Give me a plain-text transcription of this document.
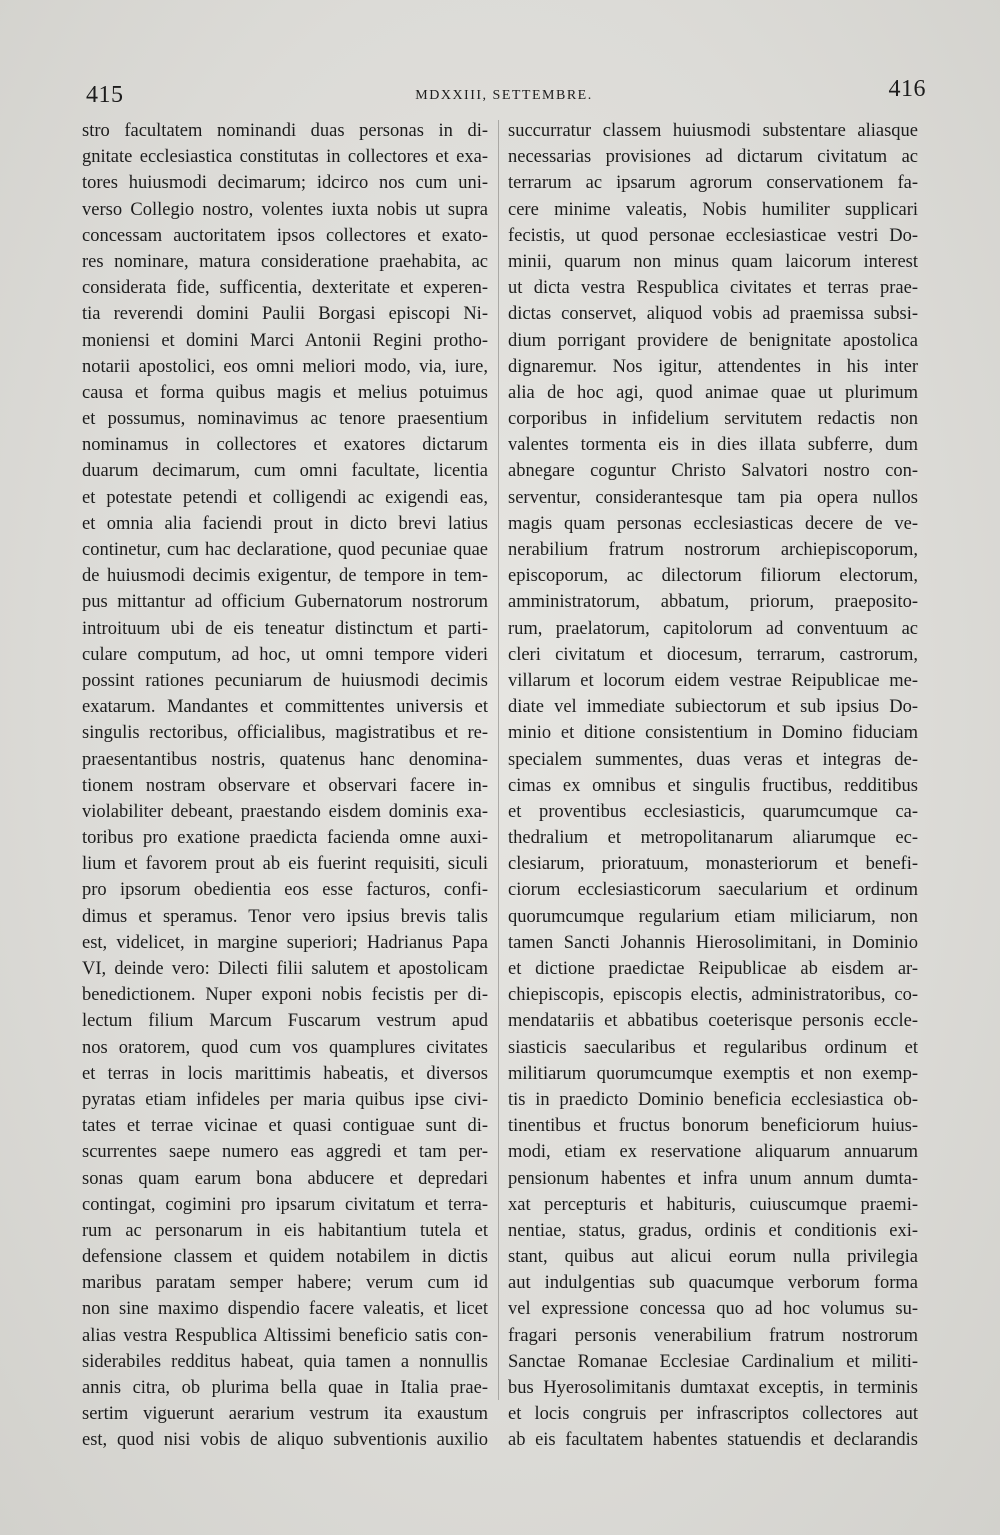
415	MDXXIII, SETTEMBRE.	416
stro facultatem nominandi duas personas in di-
gnitate ecclesiastica constitutas in collectores et exa-
tores huiusmodi decimarum; idcirco nos cum uni-
verso Collegio nostro, volentes iuxta nobis ut supra
concessam auctoritatem ipsos collectores et exato-
res nominare, matura consideratione praehabita, ac
considerata fide, sufficentia, dexteritate et experen-
tia reverendi domini Paulii Borgasi episcopi Ni-
moniensi et domini Marci Antonii Regini protho-
notarii apostolici, eos omni meliori modo, via, iure,
causa et forma quibus magis et melius potuimus
et possumus, nominavimus ac tenore praesentium
nominamus in collectores et exatores dictarum
duarum decimarum, cum omni facultate, licentia
et potestate petendi et colligendi ac exigendi eas,
et omnia alia faciendi prout in dicto brevi latius
continetur, cum hac declaratione, quod pecuniae quae
de huiusmodi decimis exigentur, de tempore in tem-
pus mittantur ad officium Gubernatorum nostrorum
introituum ubi de eis teneatur distinctum et parti-
culare computum, ad hoc, ut omni tempore videri
possint rationes pecuniarum de huiusmodi decimis
exatarum. Mandantes et committentes universis et
singulis rectoribus, officialibus, magistratibus et re-
praesentantibus nostris, quatenus hanc denomina-
tionem nostram observare et observari facere in-
violabiliter debeant, praestando eisdem dominis exa-
toribus pro exatione praedicta facienda omne auxi-
lium et favorem prout ab eis fuerint requisiti, siculi
pro ipsorum obedientia eos esse facturos, confi-
dimus et speramus. Tenor vero ipsius brevis talis
est, videlicet, in margine superiori; Hadrianus Papa
VI, deinde vero: Dilecti filii salutem et apostolicam
benedictionem. Nuper exponi nobis fecistis per di-
lectum filium Marcum Fuscarum vestrum apud
nos oratorem, quod cum vos quamplures civitates
et terras in locis marittimis habeatis, et diversos
pyratas etiam infideles per maria quibus ipse civi-
tates et terrae vicinae et quasi contiguae sunt di-
scurrentes saepe numero eas aggredi et tam per-
sonas quam earum bona abducere et depredari
contingat, cogimini pro ipsarum civitatum et terra-
rum ac personarum in eis habitantium tutela et
defensione classem et quidem notabilem in dictis
maribus paratam semper habere; verum cum id
non sine maximo dispendio facere valeatis, et licet
alias vestra Respublica Altissimi beneficio satis con-
siderabiles redditus habeat, quia tamen a nonnullis
annis citra, ob plurima bella quae in Italia prae-
sertim viguerunt aerarium vestrum ita exaustum
est, quod nisi vobis de aliquo subventionis auxilio
succurratur classem huiusmodi substentare aliasque
necessarias provisiones ad dictarum civitatum ac
terrarum ac ipsarum agrorum conservationem fa-
cere minime valeatis, Nobis humiliter supplicari
fecistis, ut quod personae ecclesiasticae vestri Do-
minii, quarum non minus quam laicorum interest
ut dicta vestra Respublica civitates et terras prae-
dictas conservet, aliquod vobis ad praemissa subsi-
dium porrigant providere de benignitate apostolica
dignaremur. Nos igitur, attendentes in his inter
alia de hoc agi, quod animae quae ut plurimum
corporibus in infidelium servitutem redactis non
valentes tormenta eis in dies illata subferre, dum
abnegare coguntur Christo Salvatori nostro con-
serventur, considerantesque tam pia opera nullos
magis quam personas ecclesiasticas decere de ve-
nerabilium fratrum nostrorum archiepiscoporum,
episcoporum, ac dilectorum filiorum electorum,
amministratorum, abbatum, priorum, praeposito-
rum, praelatorum, capitolorum ad conventuum ac
cleri civitatum et diocesum, terrarum, castrorum,
villarum et locorum eidem vestrae Reipublicae me-
diate vel immediate subiectorum et sub ipsius Do-
minio et ditione consistentium in Domino fiduciam
specialem summentes, duas veras et integras de-
cimas ex omnibus et singulis fructibus, redditibus
et proventibus ecclesiasticis, quarumcumque ca-
thedralium et metropolitanarum aliarumque ec-
clesiarum, prioratuum, monasteriorum et benefi-
ciorum ecclesiasticorum saecularium et ordinum
quorumcumque regularium etiam miliciarum, non
tamen Sancti Johannis Hierosolimitani, in Dominio
et dictione praedictae Reipublicae ab eisdem ar-
chiepiscopis, episcopis electis, administratoribus, co-
mendatariis et abbatibus coeterisque personis eccle-
siasticis saecularibus et regularibus ordinum et
militiarum quorumcumque exemptis et non exemp-
tis in praedicto Dominio beneficia ecclesiastica ob-
tinentibus et fructus bonorum beneficiorum huius-
modi, etiam ex reservatione aliquarum annuarum
pensionum habentes et infra unum annum dumta-
xat percepturis et habituris, cuiuscumque praemi-
nentiae, status, gradus, ordinis et conditionis exi-
stant, quibus aut alicui eorum nulla privilegia
aut indulgentias sub quacumque verborum forma
vel expressione concessa quo ad hoc volumus su-
fragari personis venerabilium fratrum nostrorum
Sanctae Romanae Ecclesiae Cardinalium et militi-
bus Hyerosolimitanis dumtaxat exceptis, in terminis
et locis congruis per infrascriptos collectores aut
ab eis facultatem habentes statuendis et declarandis
